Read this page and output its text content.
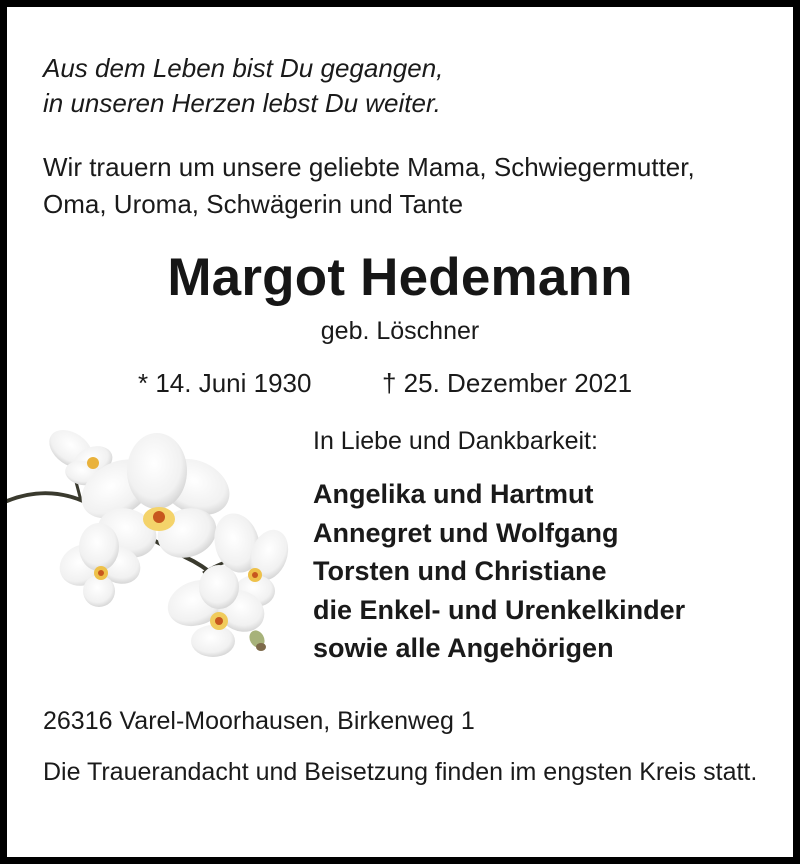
Aus dem Leben bist Du gegangen,
in unseren Herzen lebst Du weiter.
Wir trauern um unsere geliebte Mama, Schwiegermutter,
Oma, Uroma, Schwägerin und Tante
Margot Hedemann
geb. Löschner
* 14. Juni 1930	† 25. Dezember 2021
In Liebe und Dankbarkeit:
Angelika und Hartmut
Annegret und Wolfgang
Torsten und Christiane
die Enkel- und Urenkelkinder
sowie alle Angehörigen
26316 Varel-Moorhausen, Birkenweg 1
Die Trauerandacht und Beisetzung finden im engsten Kreis statt.
